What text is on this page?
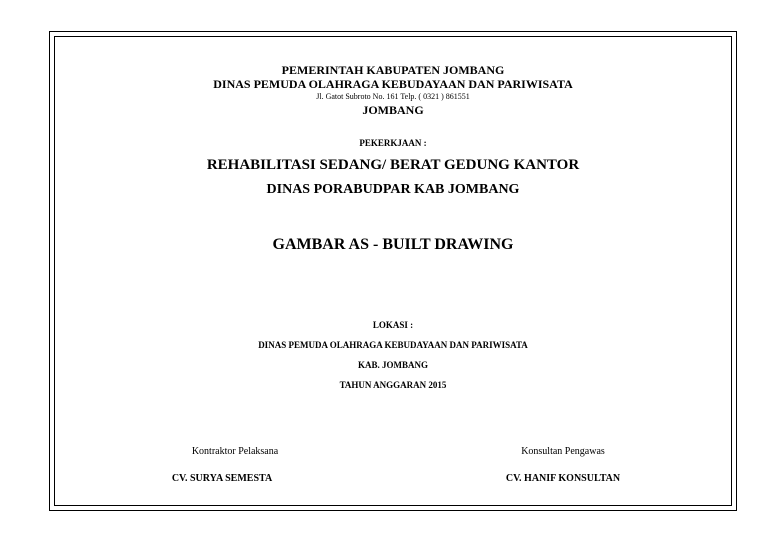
PEMERINTAH KABUPATEN JOMBANG
DINAS PEMUDA OLAHRAGA KEBUDAYAAN DAN PARIWISATA
Jl. Gatot Subroto No. 161 Telp. ( 0321 ) 861551
JOMBANG
PEKERKJAAN :
REHABILITASI SEDANG/ BERAT GEDUNG KANTOR
DINAS PORABUDPAR KAB JOMBANG
GAMBAR AS - BUILT DRAWING
LOKASI :
DINAS PEMUDA OLAHRAGA KEBUDAYAAN DAN PARIWISATA
KAB. JOMBANG
TAHUN ANGGARAN 2015
Kontraktor Pelaksana
CV. SURYA SEMESTA
Konsultan Pengawas
CV. HANIF KONSULTAN
